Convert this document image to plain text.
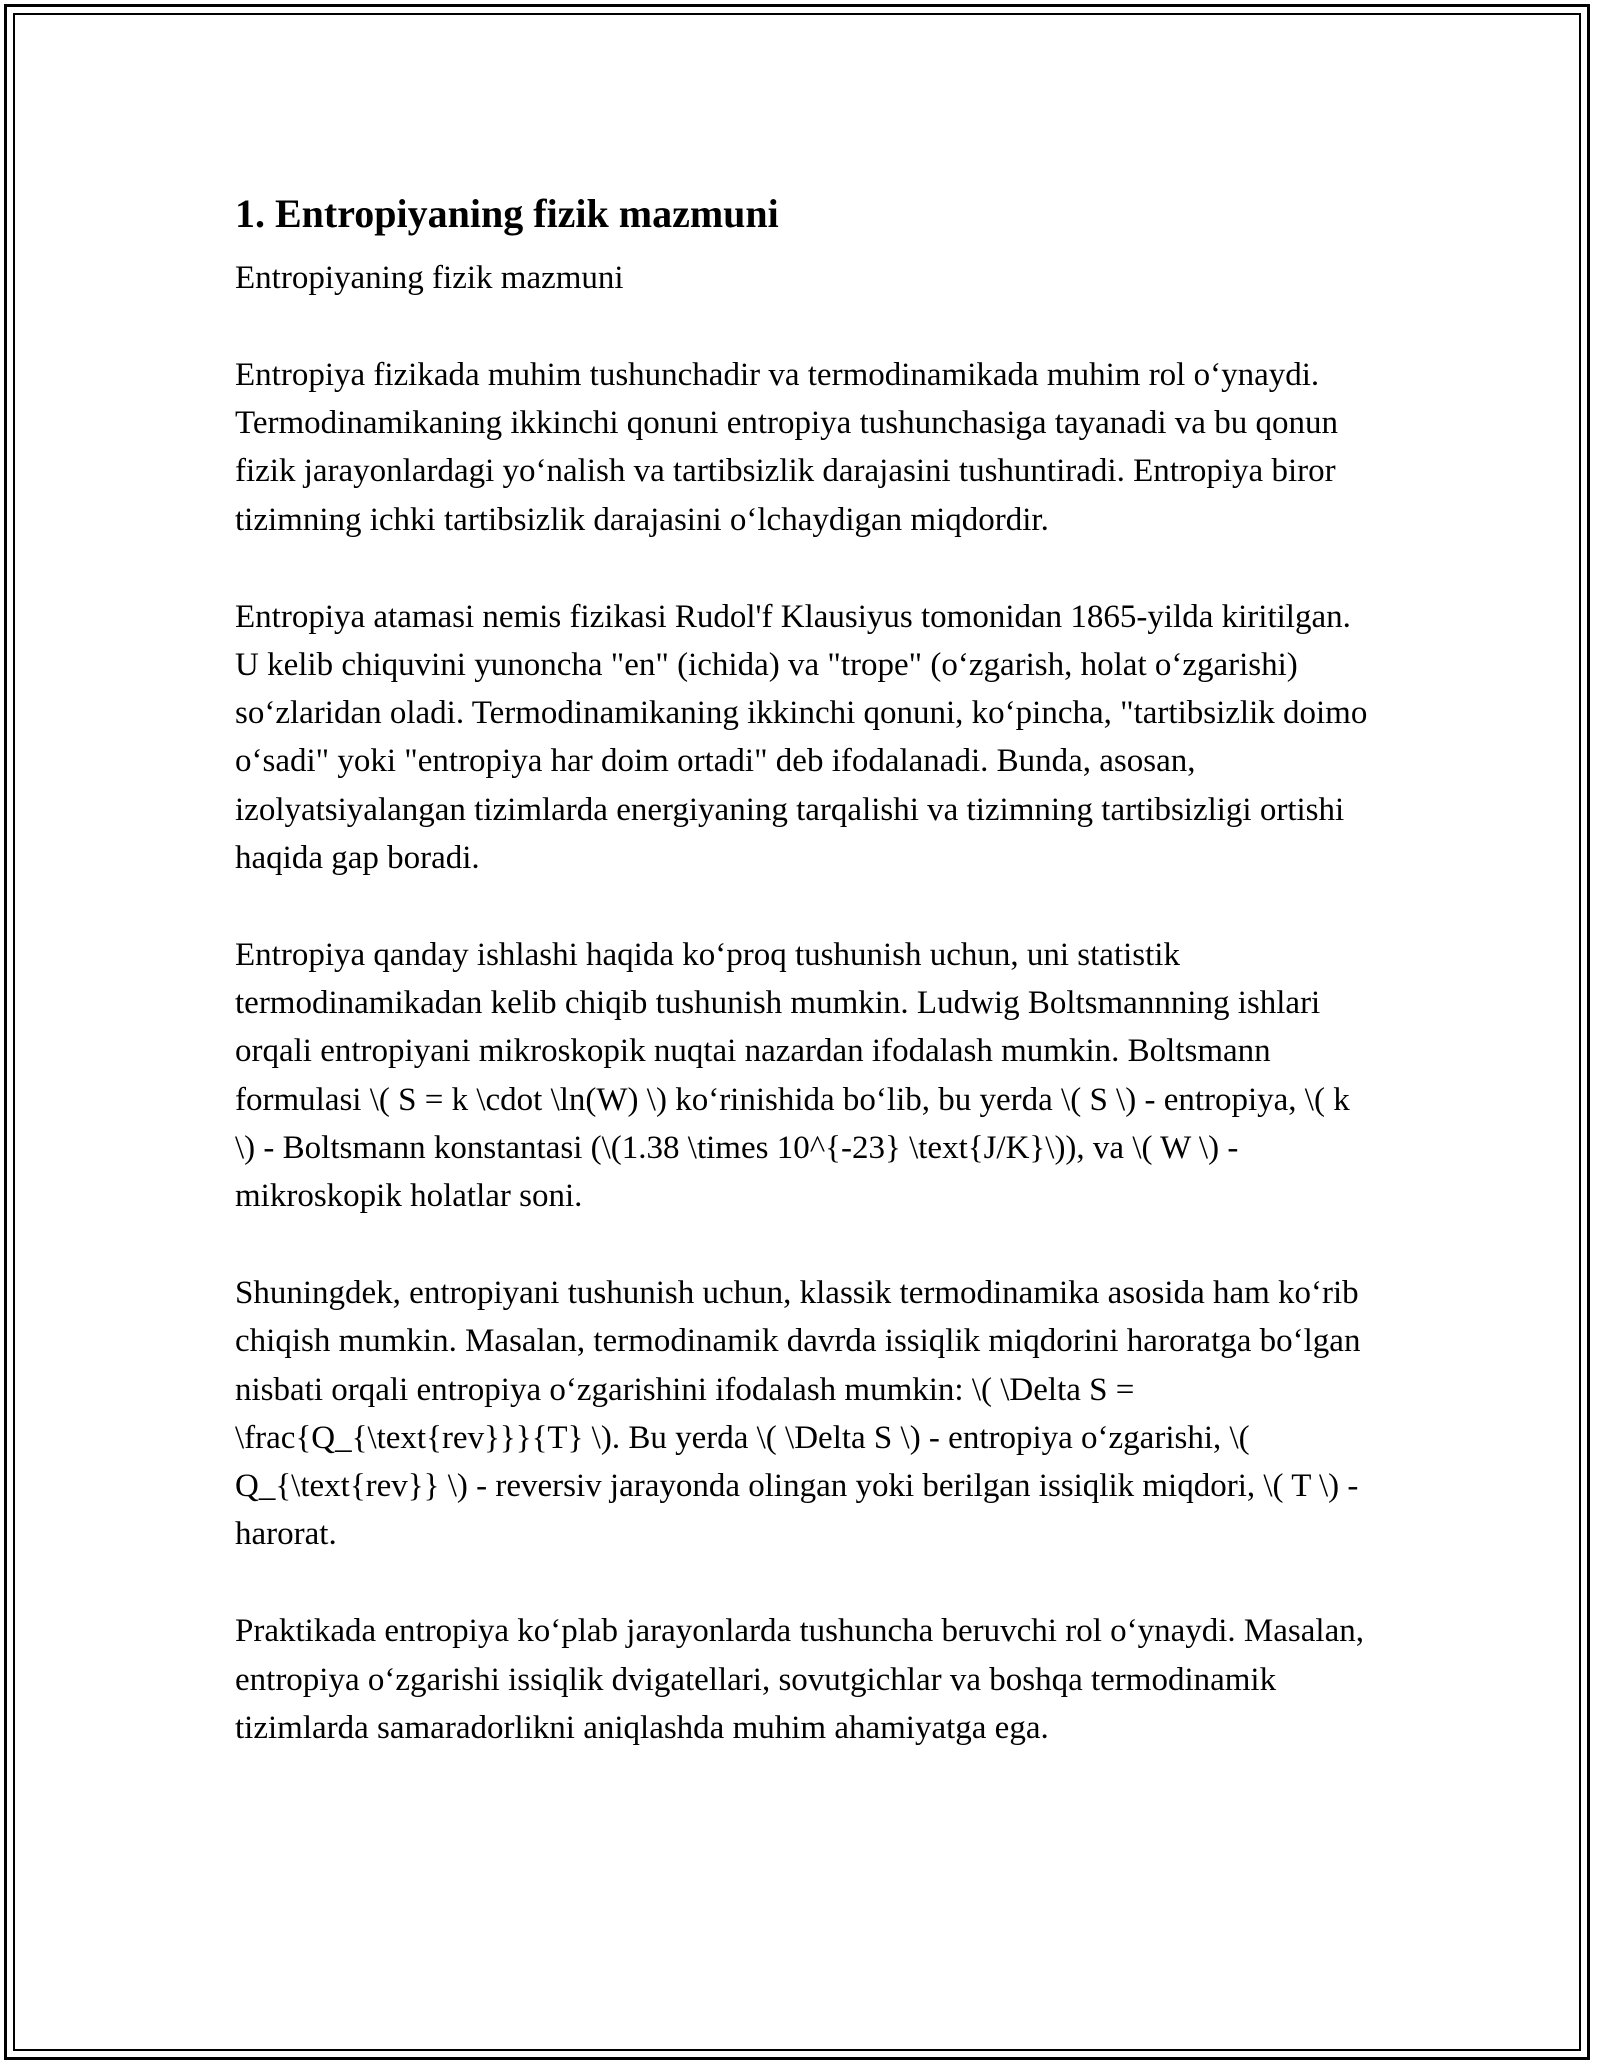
1. Entropiyaning fizik mazmuni

Entropiyaning fizik mazmuni

Entropiya fizikada muhim tushunchadir va termodinamikada muhim rol o‘ynaydi. Termodinamikaning ikkinchi qonuni entropiya tushunchasiga tayanadi va bu qonun fizik jarayonlardagi yo‘nalish va tartibsizlik darajasini tushuntiradi. Entropiya biror tizimning ichki tartibsizlik darajasini o‘lchaydigan miqdordir.

Entropiya atamasi nemis fizikasi Rudol'f Klausiyus tomonidan 1865-yilda kiritilgan. U kelib chiquvini yunoncha "en" (ichida) va "trope" (o‘zgarish, holat o‘zgarishi) so‘zlaridan oladi. Termodinamikaning ikkinchi qonuni, ko‘pincha, "tartibsizlik doimo o‘sadi" yoki "entropiya har doim ortadi" deb ifodalanadi. Bunda, asosan, izolyatsiyalangan tizimlarda energiyaning tarqalishi va tizimning tartibsizligi ortishi haqida gap boradi.

Entropiya qanday ishlashi haqida ko‘proq tushunish uchun, uni statistik termodinamikadan kelib chiqib tushunish mumkin. Ludwig Boltsmannning ishlari orqali entropiyani mikroskopik nuqtai nazardan ifodalash mumkin. Boltsmann formulasi \( S = k \cdot \ln(W) \) ko‘rinishida bo‘lib, bu yerda \( S \) - entropiya, \( k \) - Boltsmann konstantasi (\(1.38 \times 10^{-23} \text{J/K}\)), va \( W \) - mikroskopik holatlar soni.

Shuningdek, entropiyani tushunish uchun, klassik termodinamika asosida ham ko‘rib chiqish mumkin. Masalan, termodinamik davrda issiqlik miqdorini haroratga bo‘lgan nisbati orqali entropiya o‘zgarishini ifodalash mumkin: \( \Delta S = \frac{Q_{\text{rev}}}{T} \). Bu yerda \( \Delta S \) - entropiya o‘zgarishi, \( Q_{\text{rev}} \) - reversiv jarayonda olingan yoki berilgan issiqlik miqdori, \( T \) - harorat.

Praktikada entropiya ko‘plab jarayonlarda tushuncha beruvchi rol o‘ynaydi. Masalan, entropiya o‘zgarishi issiqlik dvigatellari, sovutgichlar va boshqa termodinamik tizimlarda samaradorlikni aniqlashda muhim ahamiyatga ega.
